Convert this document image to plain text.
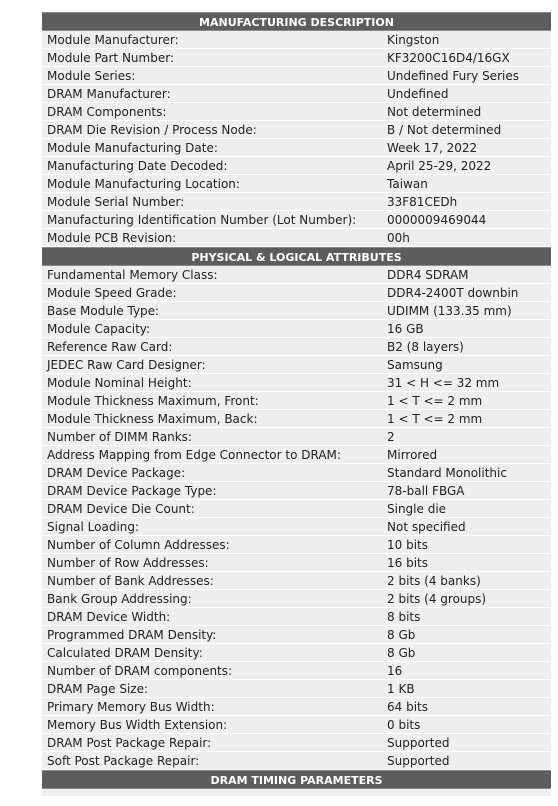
MANUFACTURING DESCRIPTION
Module Manufacturer:	Kingston
Module Part Number:	KF3200C16D4/16GX
Module Series:	Undefined Fury Series
DRAM Manufacturer:	Undefined
DRAM Components:	Not determined
DRAM Die Revision / Process Node:	B / Not determined
Module Manufacturing Date:	Week 17, 2022
Manufacturing Date Decoded:	April 25-29, 2022
Module Manufacturing Location:	Taiwan
Module Serial Number:	33F81CEDh
Manufacturing Identification Number (Lot Number):	0000009469044
Module PCB Revision:	00h
PHYSICAL & LOGICAL ATTRIBUTES
Fundamental Memory Class:	DDR4 SDRAM
Module Speed Grade:	DDR4-2400T downbin
Base Module Type:	UDIMM (133.35 mm)
Module Capacity:	16 GB
Reference Raw Card:	B2 (8 layers)
JEDEC Raw Card Designer:	Samsung
Module Nominal Height:	31 < H <= 32 mm
Module Thickness Maximum, Front:	1 < T <= 2 mm
Module Thickness Maximum, Back:	1 < T <= 2 mm
Number of DIMM Ranks:	2
Address Mapping from Edge Connector to DRAM:	Mirrored
DRAM Device Package:	Standard Monolithic
DRAM Device Package Type:	78-ball FBGA
DRAM Device Die Count:	Single die
Signal Loading:	Not specified
Number of Column Addresses:	10 bits
Number of Row Addresses:	16 bits
Number of Bank Addresses:	2 bits (4 banks)
Bank Group Addressing:	2 bits (4 groups)
DRAM Device Width:	8 bits
Programmed DRAM Density:	8 Gb
Calculated DRAM Density:	8 Gb
Number of DRAM components:	16
DRAM Page Size:	1 KB
Primary Memory Bus Width:	64 bits
Memory Bus Width Extension:	0 bits
DRAM Post Package Repair:	Supported
Soft Post Package Repair:	Supported
DRAM TIMING PARAMETERS
